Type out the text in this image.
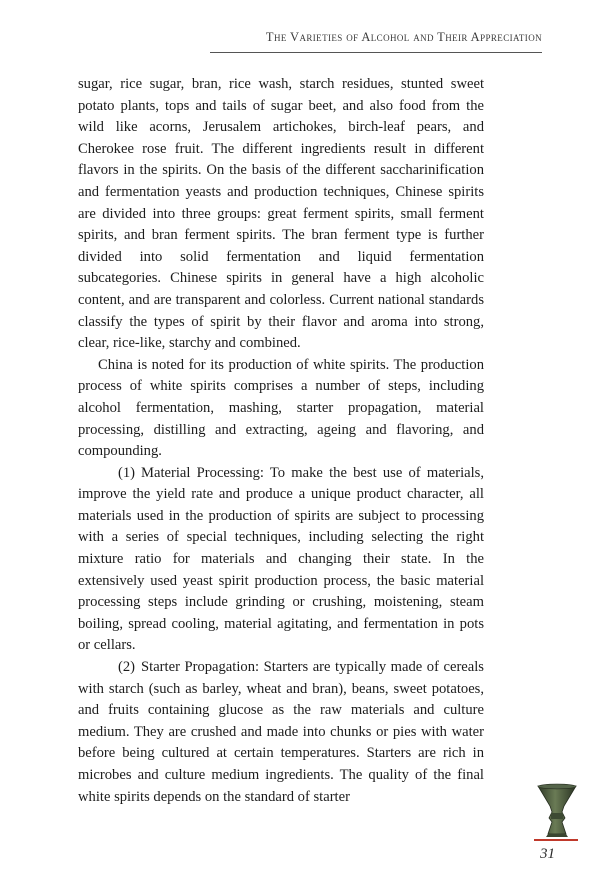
The Varieties of Alcohol and Their Appreciation

sugar, rice sugar, bran, rice wash, starch residues, stunted sweet potato plants, tops and tails of sugar beet, and also food from the wild like acorns, Jerusalem artichokes, birch-leaf pears, and Cherokee rose fruit. The different ingredients result in different flavors in the spirits. On the basis of the different saccharinification and fermentation yeasts and production techniques, Chinese spirits are divided into three groups: great ferment spirits, small ferment spirits, and bran ferment spirits. The bran ferment type is further divided into solid fermentation and liquid fermentation subcategories. Chinese spirits in general have a high alcoholic content, and are transparent and colorless. Current national standards classify the types of spirit by their flavor and aroma into strong, clear, rice-like, starchy and combined.

China is noted for its production of white spirits. The production process of white spirits comprises a number of steps, including alcohol fermentation, mashing, starter propagation, material processing, distilling and extracting, ageing and flavoring, and compounding.

(1) Material Processing: To make the best use of materials, improve the yield rate and produce a unique product character, all materials used in the production of spirits are subject to processing with a series of special techniques, including selecting the right mixture ratio for materials and changing their state. In the extensively used yeast spirit production process, the basic material processing steps include grinding or crushing, moistening, steam boiling, spread cooling, material agitating, and fermentation in pots or cellars.

(2) Starter Propagation: Starters are typically made of cereals with starch (such as barley, wheat and bran), beans, sweet potatoes, and fruits containing glucose as the raw materials and culture medium. They are crushed and made into chunks or pies with water before being cultured at certain temperatures. Starters are rich in microbes and culture medium ingredients. The quality of the final white spirits depends on the standard of starter

31
